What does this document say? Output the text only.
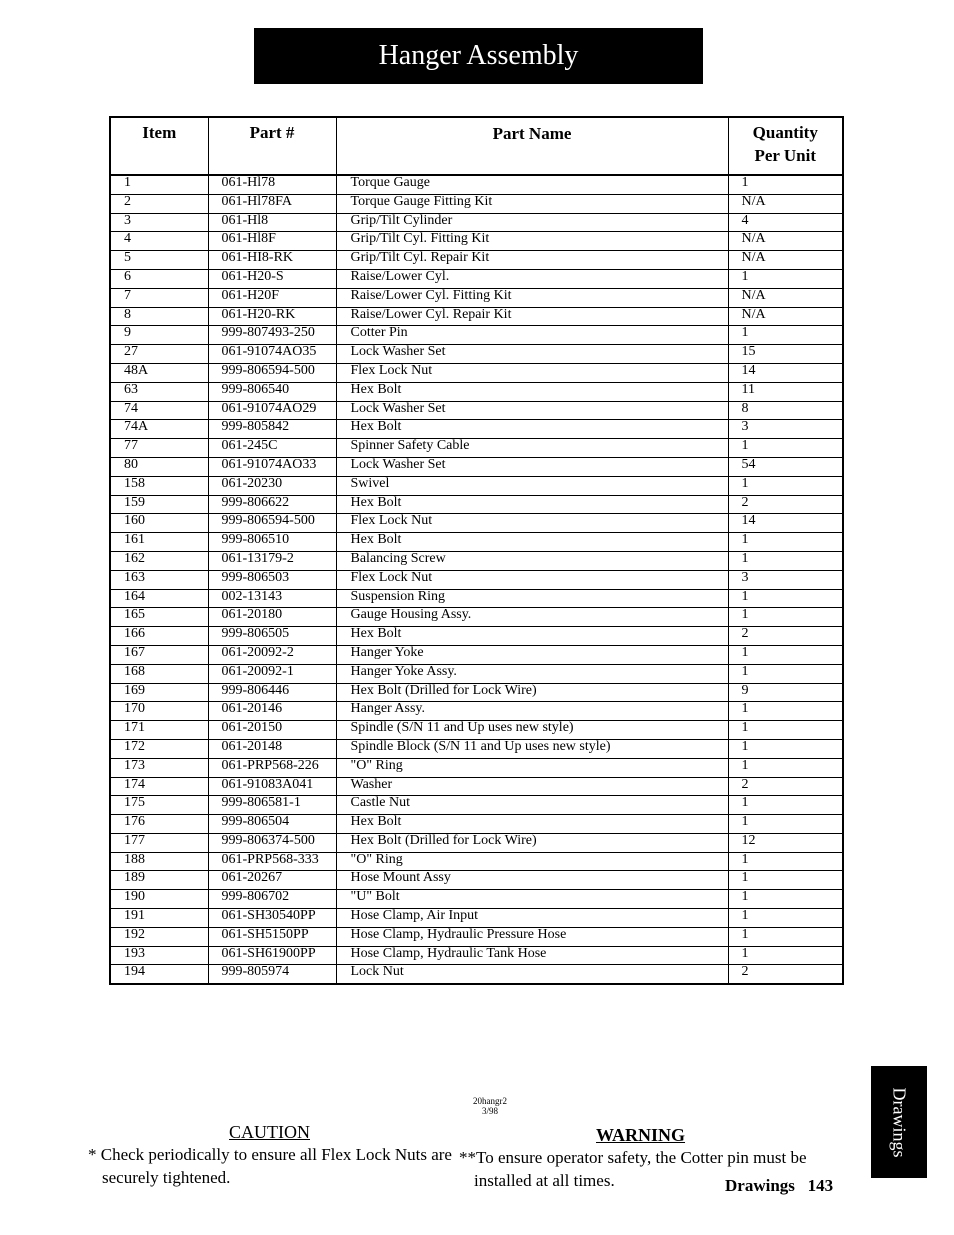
Hanger Assembly
Item	Part #	Part Name	Quantity
Per Unit

1	061-Hl78	Torque Gauge	1
2	061-Hl78FA	Torque Gauge Fitting Kit	N/A
3	061-Hl8	Grip/Tilt Cylinder	4
4	061-Hl8F	Grip/Tilt Cyl. Fitting Kit	N/A
5	061-HI8-RK	Grip/Tilt Cyl. Repair Kit	N/A
6	061-H20-S	Raise/Lower Cyl.	1
7	061-H20F	Raise/Lower Cyl. Fitting Kit	N/A
8	061-H20-RK	Raise/Lower Cyl. Repair Kit	N/A
9	999-807493-250	Cotter Pin	1
27	061-91074AO35	Lock Washer Set	15
48A	999-806594-500	Flex Lock Nut	14
63	999-806540	Hex Bolt	11
74	061-91074AO29	Lock Washer Set	8
74A	999-805842	Hex Bolt	3
77	061-245C	Spinner Safety Cable	1
80	061-91074AO33	Lock Washer Set	54
158	061-20230	Swivel	1
159	999-806622	Hex Bolt	2
160	999-806594-500	Flex Lock Nut	14
161	999-806510	Hex Bolt	1
162	061-13179-2	Balancing Screw	1
163	999-806503	Flex Lock Nut	3
164	002-13143	Suspension Ring	1
165	061-20180	Gauge Housing Assy.	1
166	999-806505	Hex Bolt	2
167	061-20092-2	Hanger Yoke	1
168	061-20092-1	Hanger Yoke Assy.	1
169	999-806446	Hex Bolt (Drilled for Lock Wire)	9
170	061-20146	Hanger Assy.	1
171	061-20150	Spindle (S/N 11 and Up uses new style)	1
172	061-20148	Spindle Block (S/N 11 and Up uses new style)	1
173	061-PRP568-226	"O" Ring	1
174	061-91083A041	Washer	2
175	999-806581-1	Castle Nut	1
176	999-806504	Hex Bolt	1
177	999-806374-500	Hex Bolt (Drilled for Lock Wire)	12
188	061-PRP568-333	"O" Ring	1
189	061-20267	Hose Mount Assy	1
190	999-806702	"U" Bolt	1
191	061-SH30540PP	Hose Clamp, Air Input	1
192	061-SH5150PP	Hose Clamp, Hydraulic Pressure Hose	1
193	061-SH61900PP	Hose Clamp, Hydraulic Tank Hose	1
194	999-805974	Lock Nut	2
20hangr2
3/98
CAUTION
* Check periodically to ensure all Flex Lock Nuts are securely tightened.
WARNING
**To ensure operator safety, the Cotter pin must be installed at all times.
Drawings
Drawings 143
